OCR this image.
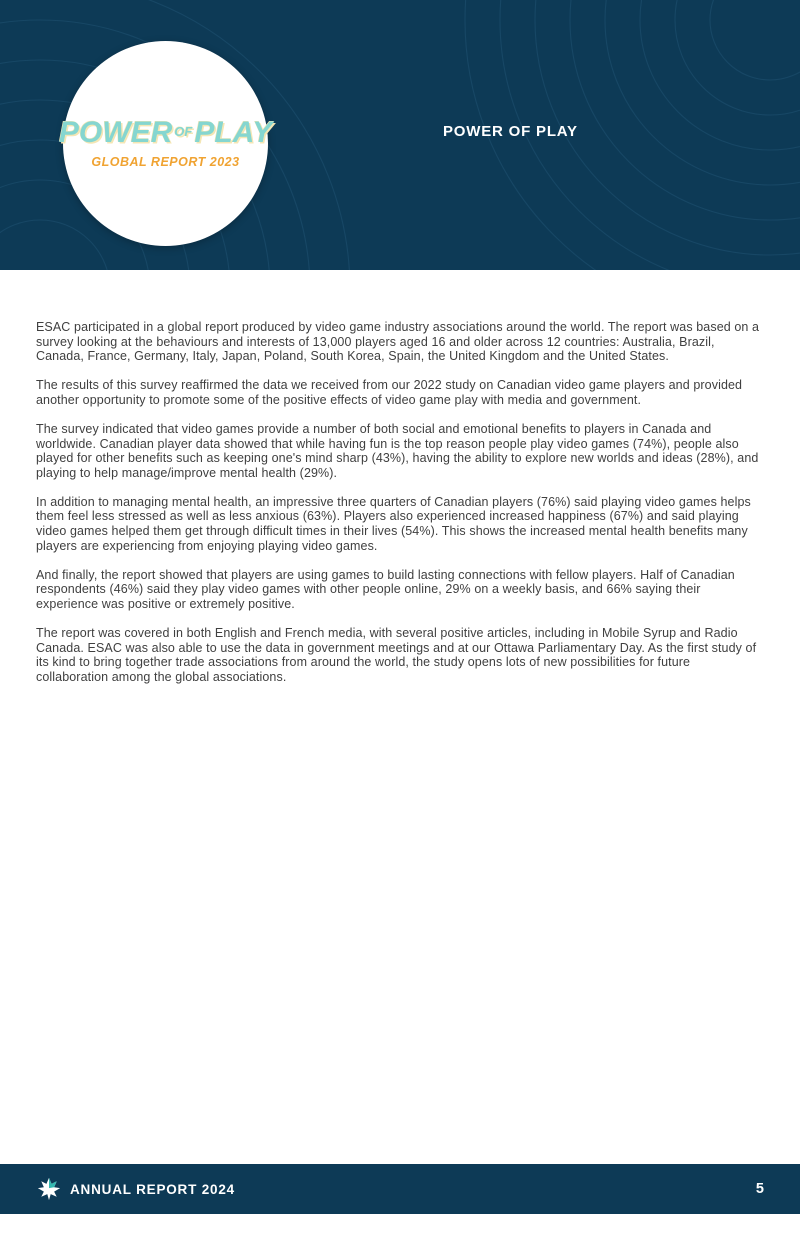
POWER $^{OF}$PLAY
GLOBAL REPORT 2023
POWER OF PLAY

ESAC participated in a global report produced by video game industry associations around the world. The report was based on a survey looking at the behaviours and interests of 13,000 players aged 16 and older across 12 countries: Australia, Brazil, Canada, France, Germany, Italy, Japan, Poland, South Korea, Spain, the United Kingdom and the United States.

The results of this survey reaffirmed the data we received from our 2022 study on Canadian video game players and provided another opportunity to promote some of the positive effects of video game play with media and government.

The survey indicated that video games provide a number of both social and emotional benefits to players in Canada and worldwide. Canadian player data showed that while having fun is the top reason people play video games (74%), people also played for other benefits such as keeping one's mind sharp (43%), having the ability to explore new worlds and ideas (28%), and playing to help manage/improve mental health (29%).

In addition to managing mental health, an impressive three quarters of Canadian players (76%) said playing video games helps them feel less stressed as well as less anxious (63%). Players also experienced increased happiness (67%) and said playing video games helped them get through difficult times in their lives (54%). This shows the increased mental health benefits many players are experiencing from enjoying playing video games.

And finally, the report showed that players are using games to build lasting connections with fellow players. Half of Canadian respondents (46%) said they play video games with other people online, 29% on a weekly basis, and 66% saying their experience was positive or extremely positive.

The report was covered in both English and French media, with several positive articles, including in Mobile Syrup and Radio Canada. ESAC was also able to use the data in government meetings and at our Ottawa Parliamentary Day. As the first study of its kind to bring together trade associations from around the world, the study opens lots of new possibilities for future collaboration among the global associations.

ANNUAL REPORT 2024	5
